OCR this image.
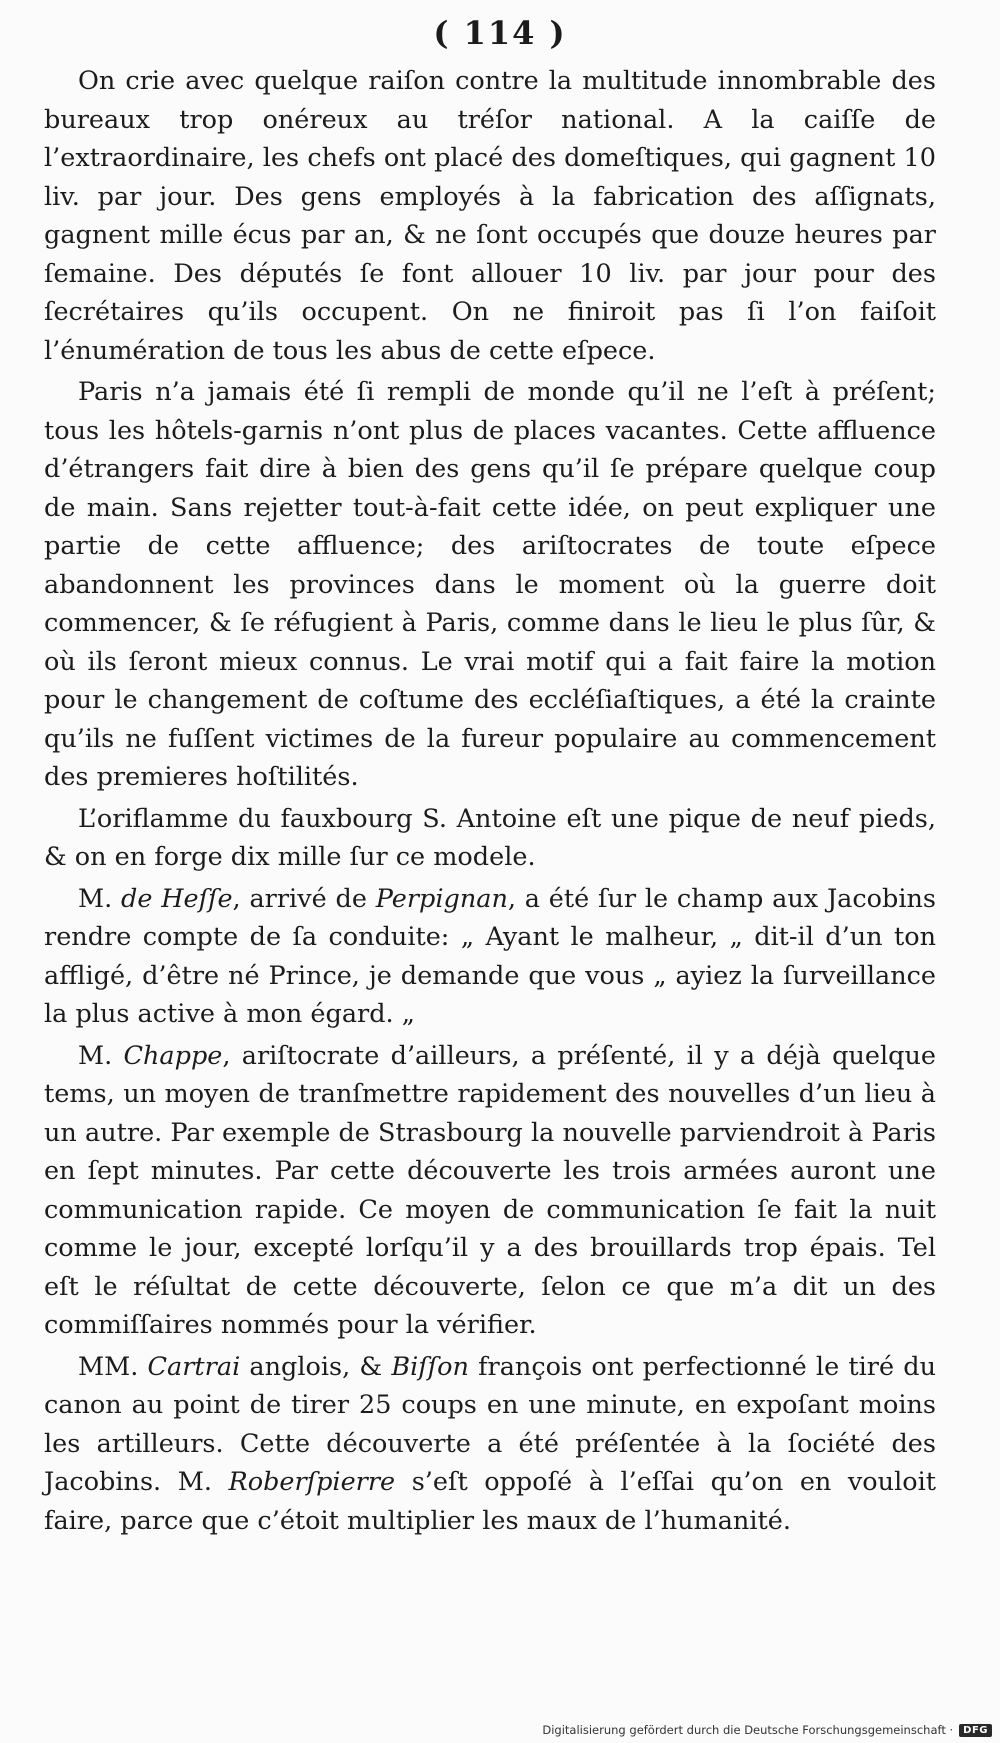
( 114 )

On crie avec quelque raiſon contre la multitude innombrable des bureaux trop onéreux au tréſor national. A la caiſſe de l’extraordinaire, les chefs ont placé des domeſtiques, qui gagnent 10 liv. par jour. Des gens employés à la fabrication des aſſignats, gagnent mille écus par an, & ne ſont occupés que douze heures par ſemaine. Des députés ſe font allouer 10 liv. par jour pour des ſecrétaires qu’ils occupent. On ne finiroit pas ſi l’on faiſoit l’énumération de tous les abus de cette eſpece.

Paris n’a jamais été ſi rempli de monde qu’il ne l’eſt à préſent; tous les hôtels-garnis n’ont plus de places vacantes. Cette affluence d’étrangers fait dire à bien des gens qu’il ſe prépare quelque coup de main. Sans rejetter tout-à-fait cette idée, on peut expliquer une partie de cette affluence; des ariſtocrates de toute eſpece abandonnent les provinces dans le moment où la guerre doit commencer, & ſe réfugient à Paris, comme dans le lieu le plus ſûr, & où ils ſeront mieux connus. Le vrai motif qui a fait faire la motion pour le changement de coſtume des eccléſiaſtiques, a été la crainte qu’ils ne fuſſent victimes de la fureur populaire au commencement des premieres hoſtilités.

L’oriflamme du fauxbourg S. Antoine eſt une pique de neuf pieds, & on en forge dix mille ſur ce modele.

M. de Heſſe, arrivé de Perpignan, a été ſur le champ aux Jacobins rendre compte de ſa conduite: „ Ayant le malheur, „ dit-il d’un ton affligé, d’être né Prince, je demande que vous „ ayiez la ſurveillance la plus active à mon égard. „

M. Chappe, ariſtocrate d’ailleurs, a préſenté, il y a déjà quelque tems, un moyen de tranſmettre rapidement des nouvelles d’un lieu à un autre. Par exemple de Strasbourg la nouvelle parviendroit à Paris en ſept minutes. Par cette découverte les trois armées auront une communication rapide. Ce moyen de communication ſe fait la nuit comme le jour, excepté lorſqu’il y a des brouillards trop épais. Tel eſt le réſultat de cette découverte, ſelon ce que m’a dit un des commiſſaires nommés pour la vérifier.

MM. Cartrai anglois, & Biſſon françois ont perfectionné le tiré du canon au point de tirer 25 coups en une minute, en expoſant moins les artilleurs. Cette découverte a été préſentée à la ſociété des Jacobins. M. Roberſpierre s’eſt oppoſé à l’eſſai qu’on en vouloit faire, parce que c’étoit multiplier les maux de l’humanité.

Digitalisierung gefördert durch die Deutsche Forschungsgemeinschaft ·	DFG
